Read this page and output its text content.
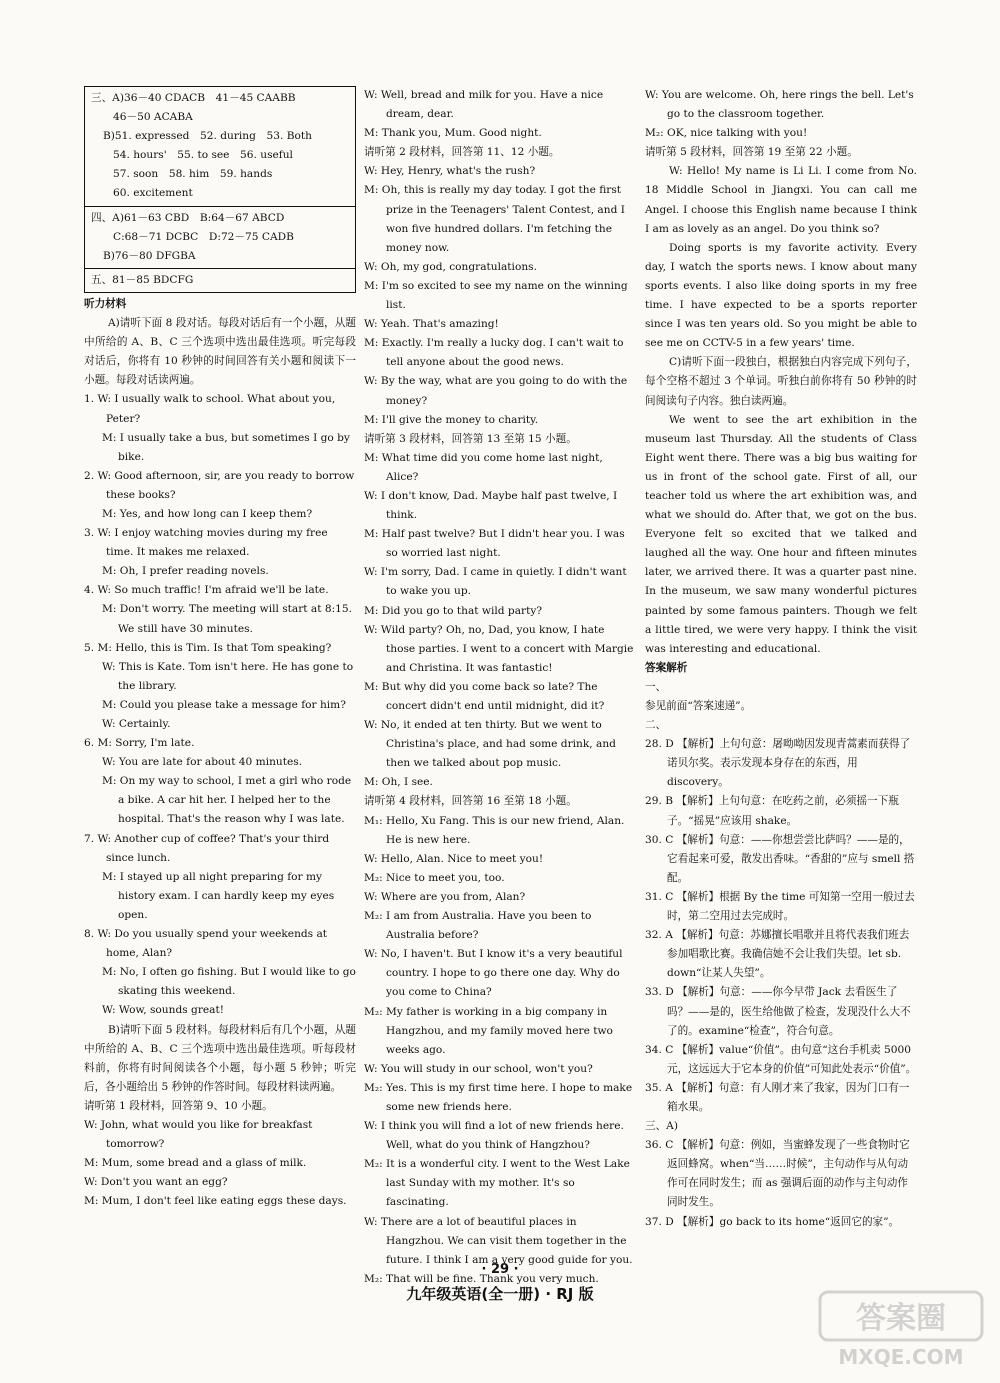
三、A)36－40 CDACB　41－45 CAABB
46－50 ACABA
B)51. expressed　52. during　53. Both
54. hours'　55. to see　56. useful
57. soon　58. him　59. hands
60. excitement
四、A)61－63 CBD　B:64－67 ABCD
C:68－71 DCBC　D:72－75 CADB
B)76－80 DFGBA
五、81－85 BDCFG
听力材料
A)请听下面 8 段对话。每段对话后有一个小题，从题中所给的 A、B、C 三个选项中选出最佳选项。听完每段对话后，你将有 10 秒钟的时间回答有关小题和阅读下一小题。每段对话读两遍。
1. W: I usually walk to school. What about you, Peter?
M: I usually take a bus, but sometimes I go by bike.
2. W: Good afternoon, sir, are you ready to borrow these books?
M: Yes, and how long can I keep them?
3. W: I enjoy watching movies during my free time. It makes me relaxed.
M: Oh, I prefer reading novels.
4. W: So much traffic! I'm afraid we'll be late.
M: Don't worry. The meeting will start at 8:15. We still have 30 minutes.
5. M: Hello, this is Tim. Is that Tom speaking?
W: This is Kate. Tom isn't here. He has gone to the library.
M: Could you please take a message for him?
W: Certainly.
6. M: Sorry, I'm late.
W: You are late for about 40 minutes.
M: On my way to school, I met a girl who rode a bike. A car hit her. I helped her to the hospital. That's the reason why I was late.
7. W: Another cup of coffee? That's your third since lunch.
M: I stayed up all night preparing for my history exam. I can hardly keep my eyes open.
8. W: Do you usually spend your weekends at home, Alan?
M: No, I often go fishing. But I would like to go skating this weekend.
W: Wow, sounds great!
B)请听下面 5 段材料。每段材料后有几个小题，从题中所给的 A、B、C 三个选项中选出最佳选项。听每段材料前，你将有时间阅读各个小题，每小题 5 秒钟；听完后，各小题给出 5 秒钟的作答时间。每段材料读两遍。
请听第 1 段材料，回答第 9、10 小题。
W: John, what would you like for breakfast tomorrow?
M: Mum, some bread and a glass of milk.
W: Don't you want an egg?
M: Mum, I don't feel like eating eggs these days.
W: Well, bread and milk for you. Have a nice dream, dear.
M: Thank you, Mum. Good night.
请听第 2 段材料，回答第 11、12 小题。
W: Hey, Henry, what's the rush?
M: Oh, this is really my day today. I got the first prize in the Teenagers' Talent Contest, and I won five hundred dollars. I'm fetching the money now.
W: Oh, my god, congratulations.
M: I'm so excited to see my name on the winning list.
W: Yeah. That's amazing!
M: Exactly. I'm really a lucky dog. I can't wait to tell anyone about the good news.
W: By the way, what are you going to do with the money?
M: I'll give the money to charity.
请听第 3 段材料，回答第 13 至第 15 小题。
M: What time did you come home last night, Alice?
W: I don't know, Dad. Maybe half past twelve, I think.
M: Half past twelve? But I didn't hear you. I was so worried last night.
W: I'm sorry, Dad. I came in quietly. I didn't want to wake you up.
M: Did you go to that wild party?
W: Wild party? Oh, no, Dad, you know, I hate those parties. I went to a concert with Margie and Christina. It was fantastic!
M: But why did you come back so late? The concert didn't end until midnight, did it?
W: No, it ended at ten thirty. But we went to Christina's place, and had some drink, and then we talked about pop music.
M: Oh, I see.
请听第 4 段材料，回答第 16 至第 18 小题。
M₁: Hello, Xu Fang. This is our new friend, Alan. He is new here.
W: Hello, Alan. Nice to meet you!
M₂: Nice to meet you, too.
W: Where are you from, Alan?
M₂: I am from Australia. Have you been to Australia before?
W: No, I haven't. But I know it's a very beautiful country. I hope to go there one day. Why do you come to China?
M₂: My father is working in a big company in Hangzhou, and my family moved here two weeks ago.
W: You will study in our school, won't you?
M₂: Yes. This is my first time here. I hope to make some new friends here.
W: I think you will find a lot of new friends here. Well, what do you think of Hangzhou?
M₂: It is a wonderful city. I went to the West Lake last Sunday with my mother. It's so fascinating.
W: There are a lot of beautiful places in Hangzhou. We can visit them together in the future. I think I am a very good guide for you.
M₂: That will be fine. Thank you very much.
W: You are welcome. Oh, here rings the bell. Let's go to the classroom together.
M₂: OK, nice talking with you!
请听第 5 段材料，回答第 19 至第 22 小题。
W: Hello! My name is Li Li. I come from No. 18 Middle School in Jiangxi. You can call me Angel. I choose this English name because I think I am as lovely as an angel. Do you think so?
Doing sports is my favorite activity. Every day, I watch the sports news. I know about many sports events. I also like doing sports in my free time. I have expected to be a sports reporter since I was ten years old. So you might be able to see me on CCTV-5 in a few years' time.
C)请听下面一段独白，根据独白内容完成下列句子，每个空格不超过 3 个单词。听独白前你将有 50 秒钟的时间阅读句子内容。独白读两遍。
We went to see the art exhibition in the museum last Thursday. All the students of Class Eight went there. There was a big bus waiting for us in front of the school gate. First of all, our teacher told us where the art exhibition was, and what we should do. After that, we got on the bus. Everyone felt so excited that we talked and laughed all the way. One hour and fifteen minutes later, we arrived there. It was a quarter past nine. In the museum, we saw many wonderful pictures painted by some famous painters. Though we felt a little tired, we were very happy. I think the visit was interesting and educational.
答案解析
一、
参见前面“答案速递”。
二、
28. D 【解析】上句句意：屠呦呦因发现青蒿素而获得了诺贝尔奖。表示发现本身存在的东西，用 discovery。
29. B 【解析】上句句意：在吃药之前，必须摇一下瓶子。“摇晃”应该用 shake。
30. C 【解析】句意：——你想尝尝比萨吗？——是的，它看起来可爱，散发出香味。“香甜的”应与 smell 搭配。
31. C 【解析】根据 By the time 可知第一空用一般过去时，第二空用过去完成时。
32. A 【解析】句意：苏娜擅长唱歌并且将代表我们班去参加唱歌比赛。我确信她不会让我们失望。let sb. down“让某人失望”。
33. D 【解析】句意：——你今早带 Jack 去看医生了吗？——是的，医生给他做了检查，发现没什么大不了的。examine“检查”，符合句意。
34. C 【解析】value“价值”。由句意“这台手机卖 5000 元，这远远大于它本身的价值”可知此处表示“价值”。
35. A 【解析】句意：有人刚才来了我家，因为门口有一箱水果。
三、A)
36. C 【解析】句意：例如，当蜜蜂发现了一些食物时它返回蜂窝。when“当……时候”，主句动作与从句动作可在同时发生；而 as 强调后面的动作与主句动作同时发生。
37. D 【解析】go back to its home“返回它的家”。
· 29 ·
九年级英语(全一册) · RJ 版
答案圈
MXQE.COM
